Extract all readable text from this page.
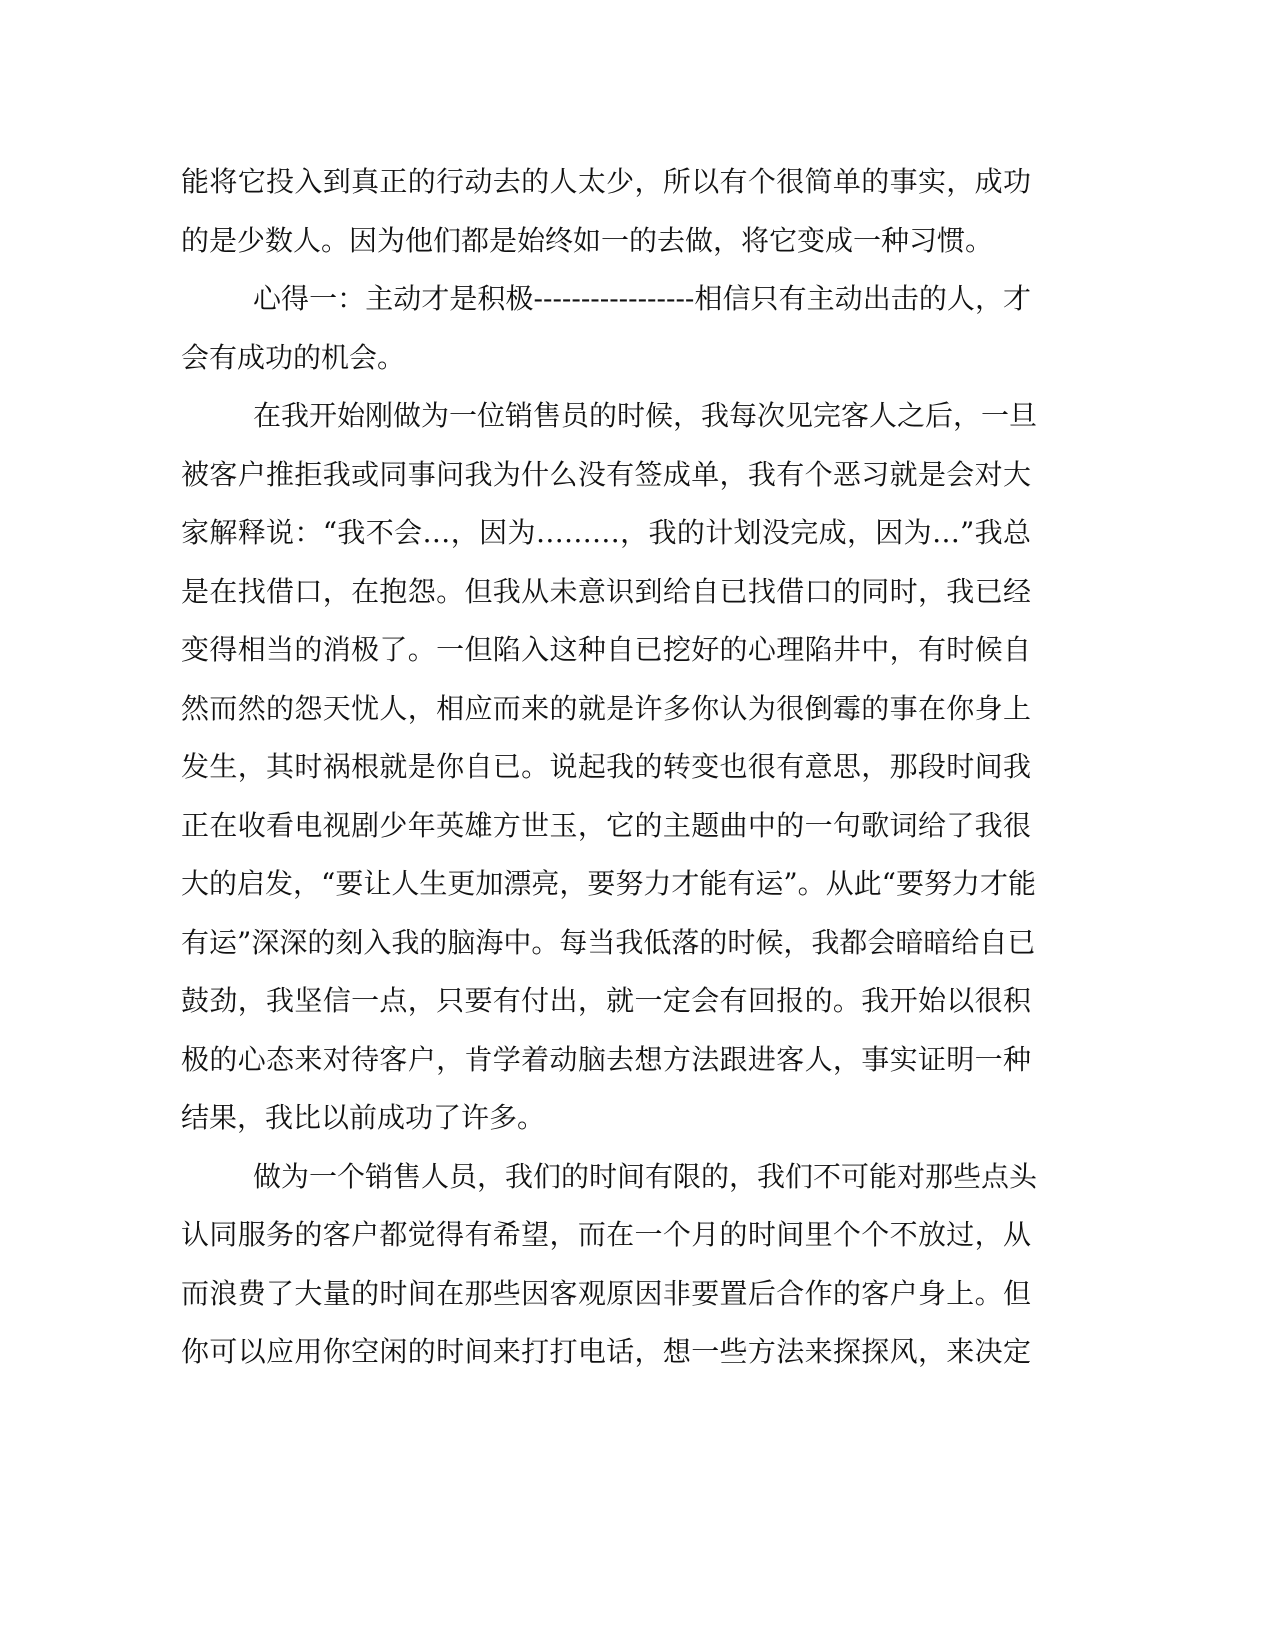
能将它投入到真正的行动去的人太少，所以有个很简单的事实，成功
的是少数人。因为他们都是始终如一的去做，将它变成一种习惯。
心得一：主动才是积极-----------------相信只有主动出击的人，才
会有成功的机会。
在我开始刚做为一位销售员的时候，我每次见完客人之后，一旦
被客户推拒我或同事问我为什么没有签成单，我有个恶习就是会对大
家解释说：“我不会…，因为………，我的计划没完成，因为…”我总
是在找借口，在抱怨。但我从未意识到给自已找借口的同时，我已经
变得相当的消极了。一但陷入这种自已挖好的心理陷井中，有时候自
然而然的怨天忧人，相应而来的就是许多你认为很倒霉的事在你身上
发生，其时祸根就是你自已。说起我的转变也很有意思，那段时间我
正在收看电视剧少年英雄方世玉，它的主题曲中的一句歌词给了我很
大的启发，“要让人生更加漂亮，要努力才能有运”。从此“要努力才能
有运”深深的刻入我的脑海中。每当我低落的时候，我都会暗暗给自已
鼓劲，我坚信一点，只要有付出，就一定会有回报的。我开始以很积
极的心态来对待客户，肯学着动脑去想方法跟进客人，事实证明一种
结果，我比以前成功了许多。
做为一个销售人员，我们的时间有限的，我们不可能对那些点头
认同服务的客户都觉得有希望，而在一个月的时间里个个不放过，从
而浪费了大量的时间在那些因客观原因非要置后合作的客户身上。但
你可以应用你空闲的时间来打打电话，想一些方法来探探风，来决定
